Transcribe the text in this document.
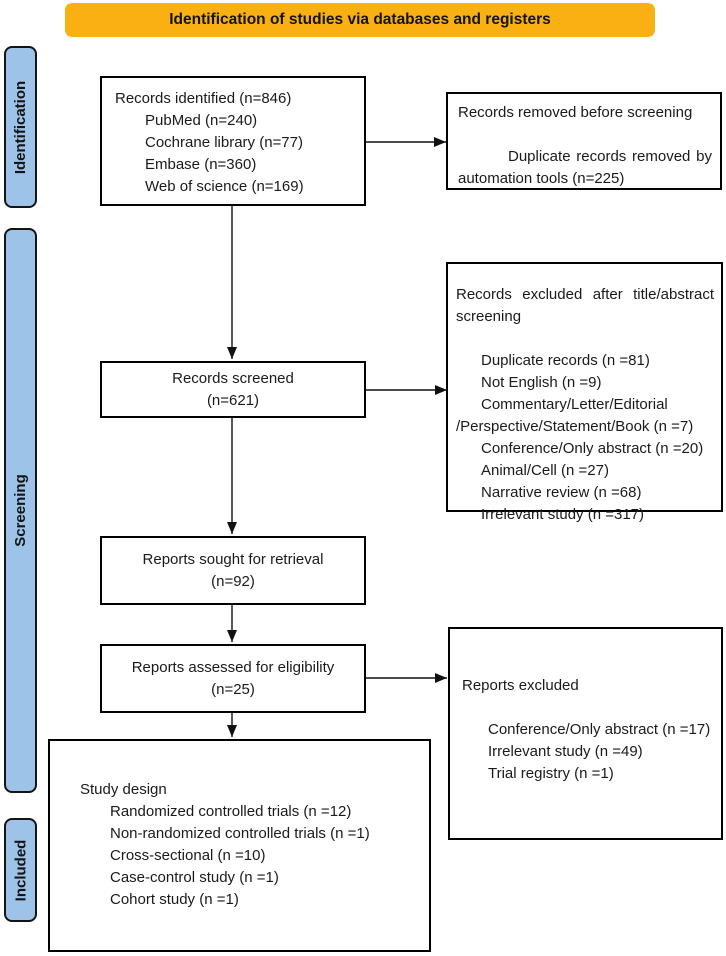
Identification of studies via databases and registers
Identification
Screening
Included
Records identified (n=846)
PubMed (n=240)
Cochrane library (n=77)
Embase (n=360)
Web of science (n=169)
Records removed before screening
Duplicate records removed by automation tools (n=225)
Records screened
(n=621)
Records excluded after title/abstract screening
Duplicate records (n =81)
Not English (n =9)
Commentary/Letter/Editorial /Perspective/Statement/Book (n =7)
Conference/Only abstract (n =20)
Animal/Cell (n =27)
Narrative review (n =68)
Irrelevant study (n =317)
Reports sought for retrieval
(n=92)
Reports assessed for eligibility
(n=25)	Reports excluded
Conference/Only abstract (n =17)
Irrelevant study (n =49)
Trial registry (n =1)
Study design
Randomized controlled trials (n =12)
Non-randomized controlled trials (n =1)
Cross-sectional (n =10)
Case-control study (n =1)
Cohort study (n =1)
